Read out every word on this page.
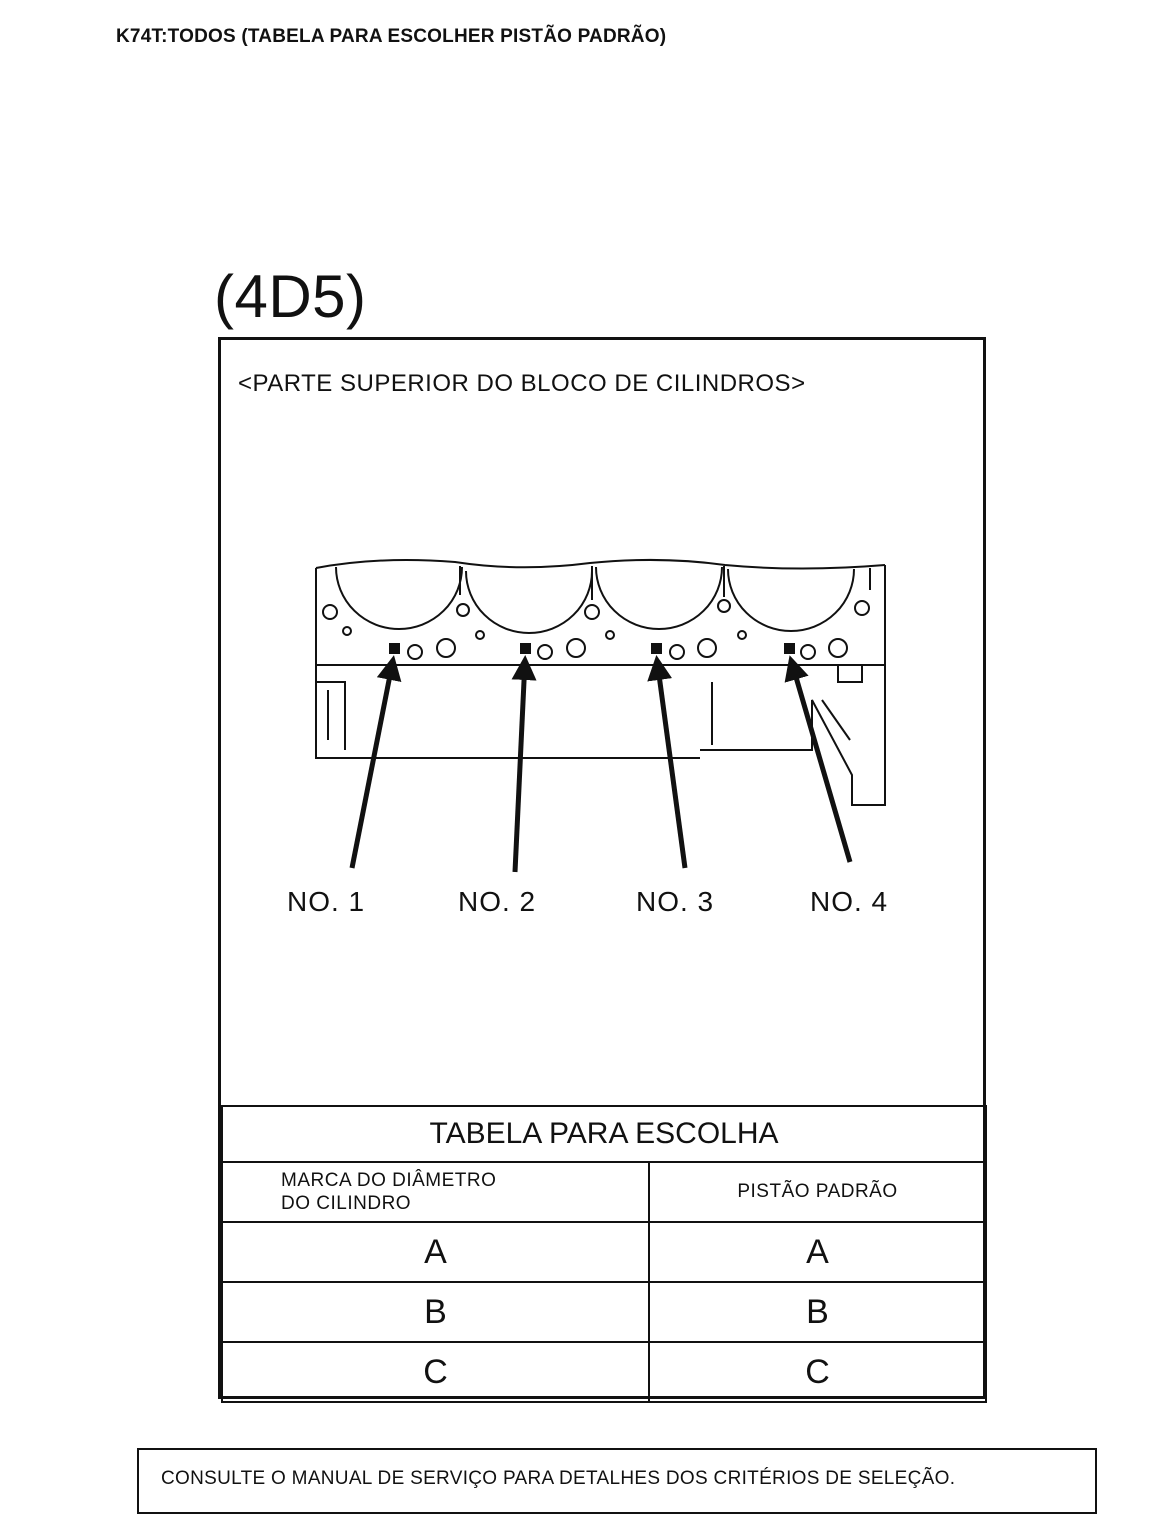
K74T:TODOS (TABELA PARA ESCOLHER PISTÃO PADRÃO)
(4D5)
<PARTE SUPERIOR DO BLOCO DE CILINDROS>
NO. 1	NO. 2	NO. 3	NO. 4
TABELA PARA ESCOLHA	

MARCA DO DIÂMETRO
DO CILINDRO	PISTÃO PADRÃO
A	A
B	B
C	C
CONSULTE O MANUAL DE SERVIÇO PARA DETALHES DOS CRITÉRIOS DE SELEÇÃO.
